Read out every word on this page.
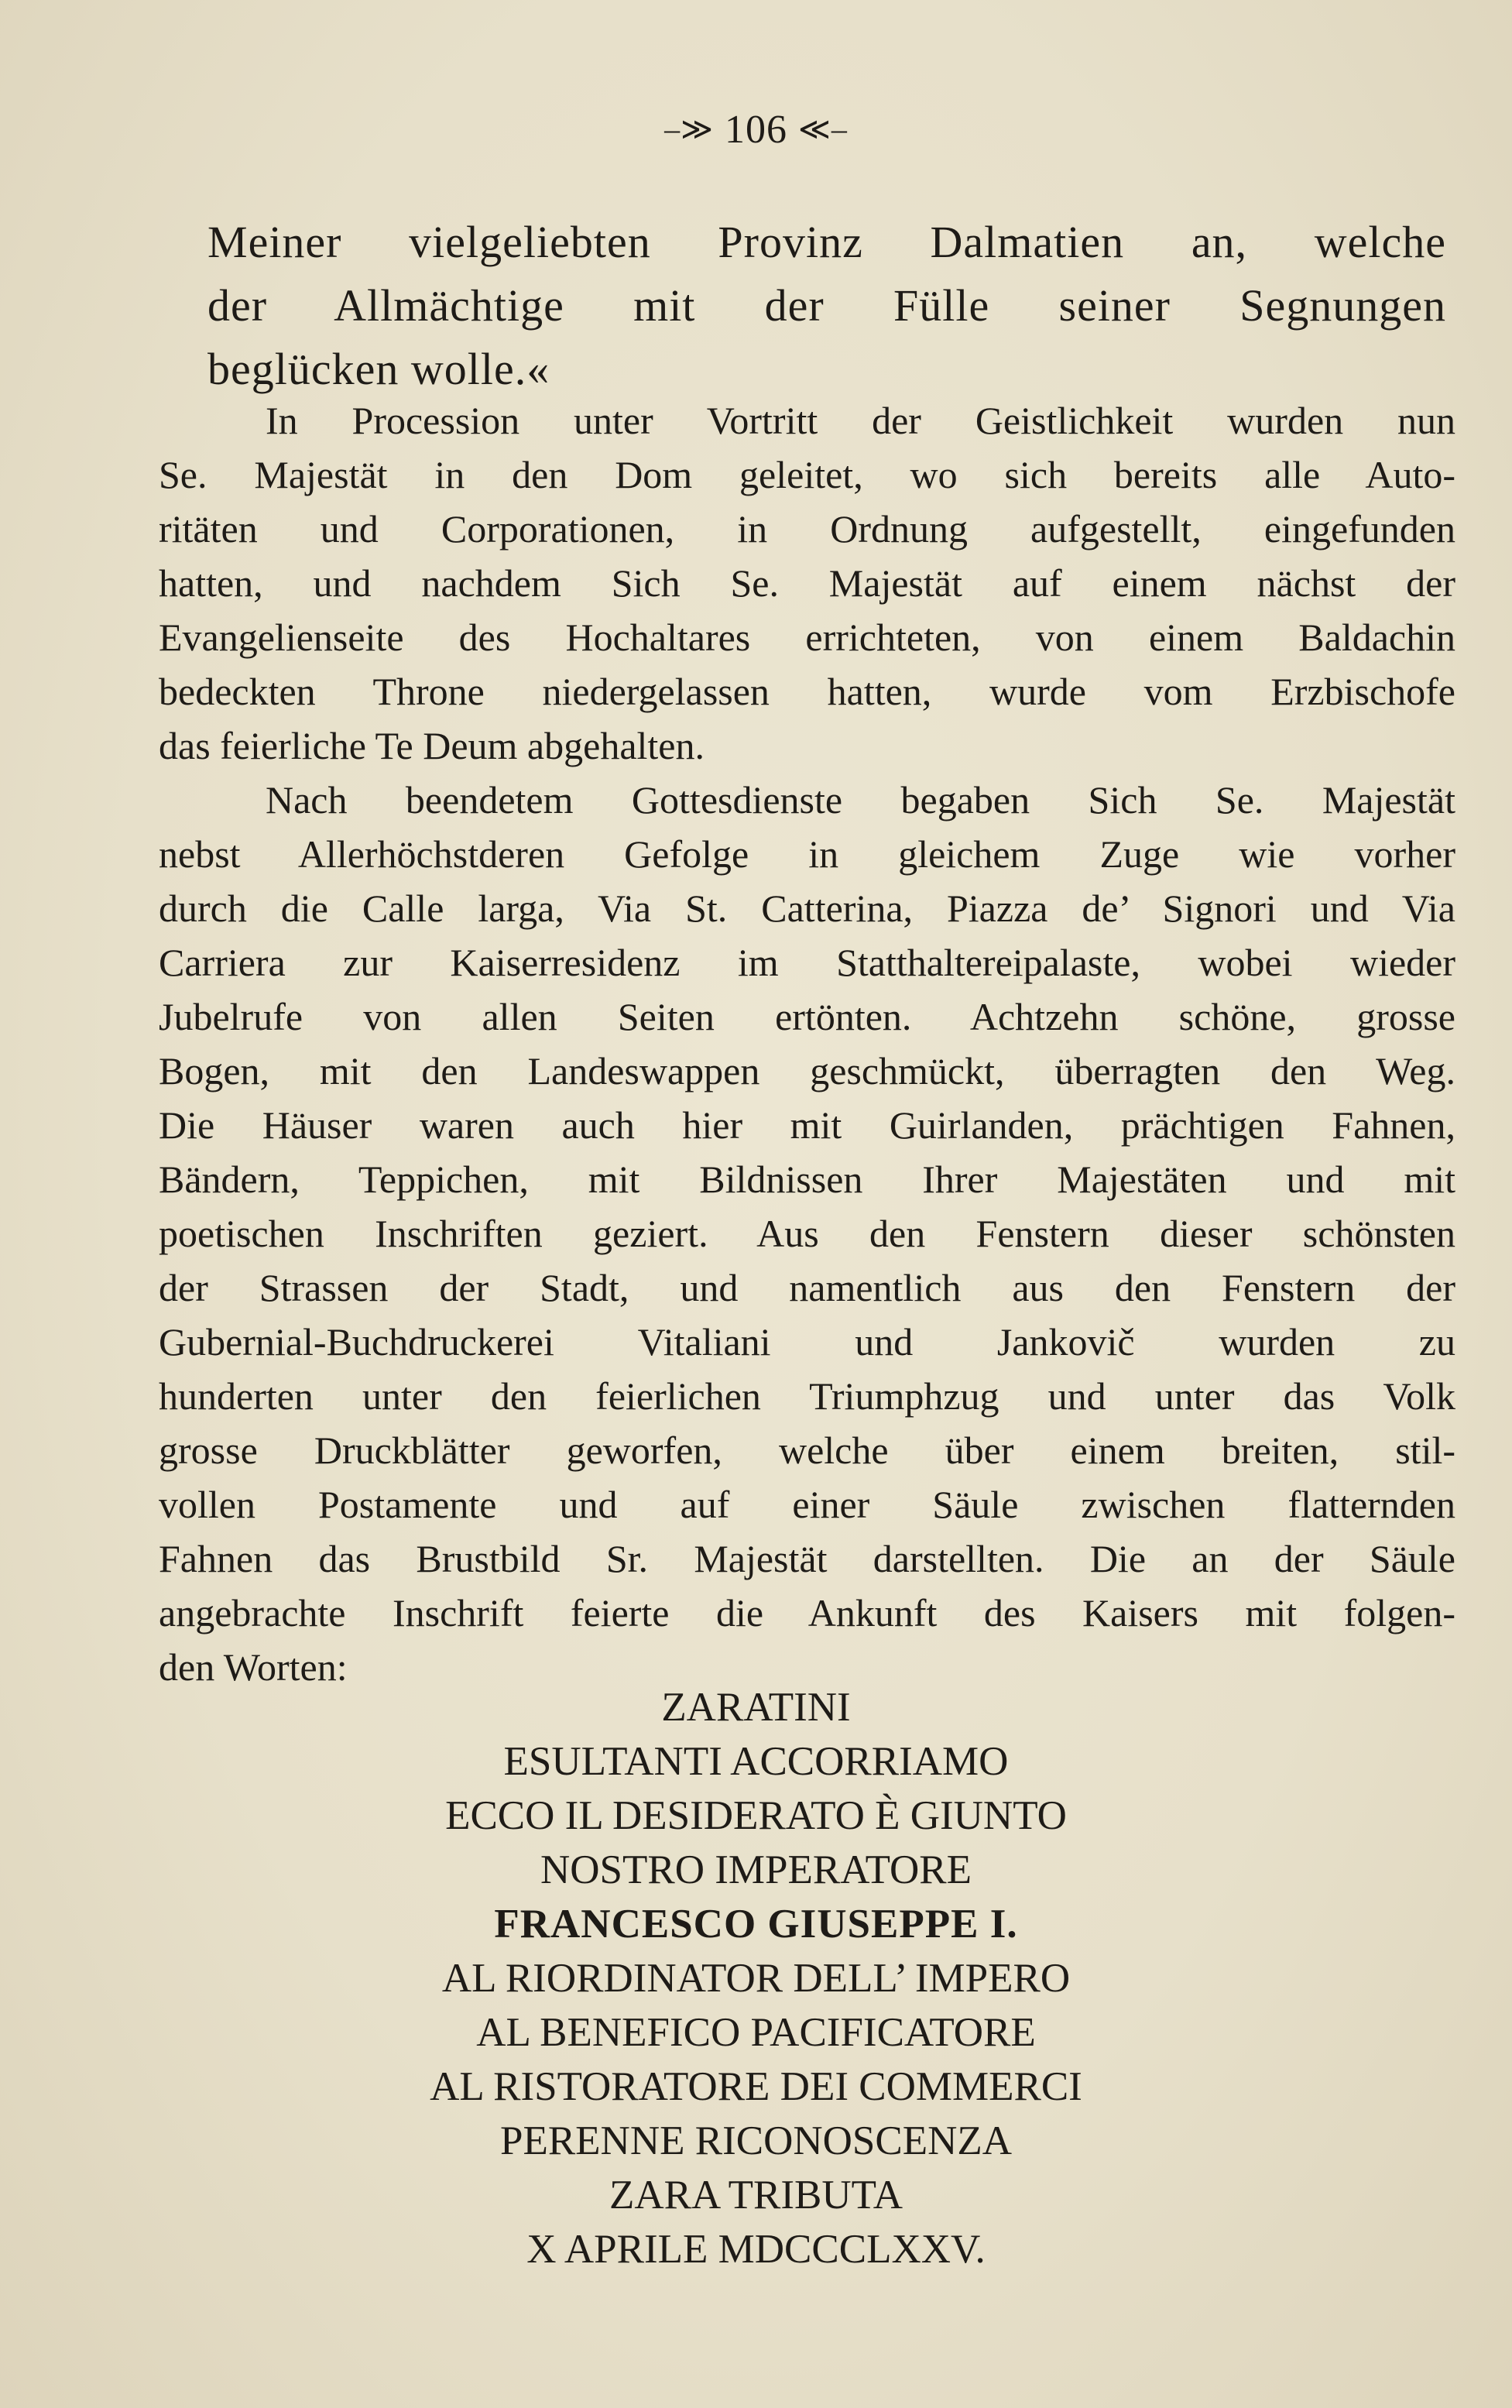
–≫ 106 ≪–
Meiner vielgeliebten Provinz Dalmatien an, welche
der Allmächtige mit der Fülle seiner Segnungen
beglücken wolle.«
In Procession unter Vortritt der Geistlichkeit wurden nun
Se. Majestät in den Dom geleitet, wo sich bereits alle Auto-
ritäten und Corporationen, in Ordnung aufgestellt, eingefunden
hatten, und nachdem Sich Se. Majestät auf einem nächst der
Evangelienseite des Hochaltares errichteten, von einem Baldachin
bedeckten Throne niedergelassen hatten, wurde vom Erzbischofe
das feierliche Te Deum abgehalten.
Nach beendetem Gottesdienste begaben Sich Se. Majestät
nebst Allerhöchstderen Gefolge in gleichem Zuge wie vorher
durch die Calle larga, Via St. Catterina, Piazza de’ Signori und Via
Carriera zur Kaiserresidenz im Statthaltereipalaste, wobei wieder
Jubelrufe von allen Seiten ertönten. Achtzehn schöne, grosse
Bogen, mit den Landeswappen geschmückt, überragten den Weg.
Die Häuser waren auch hier mit Guirlanden, prächtigen Fahnen,
Bändern, Teppichen, mit Bildnissen Ihrer Majestäten und mit
poetischen Inschriften geziert. Aus den Fenstern dieser schönsten
der Strassen der Stadt, und namentlich aus den Fenstern der
Gubernial-Buchdruckerei Vitaliani und Jankovič wurden zu
hunderten unter den feierlichen Triumphzug und unter das Volk
grosse Druckblätter geworfen, welche über einem breiten, stil-
vollen Postamente und auf einer Säule zwischen flatternden
Fahnen das Brustbild Sr. Majestät darstellten. Die an der Säule
angebrachte Inschrift feierte die Ankunft des Kaisers mit folgen-
den Worten:
ZARATINI
ESULTANTI ACCORRIAMO
ECCO IL DESIDERATO È GIUNTO
NOSTRO IMPERATORE
FRANCESCO GIUSEPPE I.
AL RIORDINATOR DELL’ IMPERO
AL BENEFICO PACIFICATORE
AL RISTORATORE DEI COMMERCI
PERENNE RICONOSCENZA
ZARA TRIBUTA
X APRILE MDCCCLXXV.
